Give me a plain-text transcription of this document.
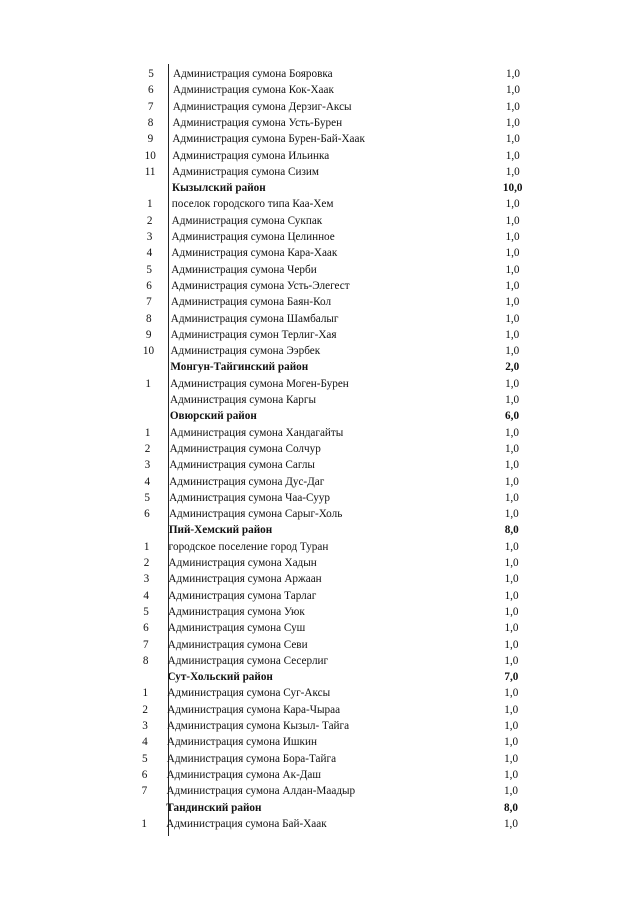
5	Администрация сумона Бояровка	1,0
6	Администрация сумона Кок-Хаак	1,0
7	Администрация сумона Дерзиг-Аксы	1,0
8	Администрация сумона Усть-Бурен	1,0
9	Администрация сумона Бурен-Бай-Хаак	1,0
10	Администрация сумона Ильинка	1,0
11	Администрация сумона Сизим	1,0
Кызылский район	10,0
1	поселок городского типа Каа-Хем	1,0
2	Администрация сумона Сукпак	1,0
3	Администрация сумона Целинное	1,0
4	Администрация сумона Кара-Хаак	1,0
5	Администрация сумона Черби	1,0
6	Администрация сумона Усть-Элегест	1,0
7	Администрация сумона Баян-Кол	1,0
8	Администрация сумона Шамбалыг	1,0
9	Администрация сумон Терлиг-Хая	1,0
10	Администрация сумона Ээрбек	1,0
Монгун-Тайгинский район	2,0
1	Администрация сумона Моген-Бурен	1,0
Администрация сумона Каргы	1,0
Овюрский район	6,0
1	Администрация сумона Хандагайты	1,0
2	Администрация сумона Солчур	1,0
3	Администрация сумона Саглы	1,0
4	Администрация сумона Дус-Даг	1,0
5	Администрация сумона Чаа-Суур	1,0
6	Администрация сумона Сарыг-Холь	1,0
Пий-Хемский район	8,0
1	городское поселение город Туран	1,0
2	Администрация сумона Хадын	1,0
3	Администрация сумона Аржаан	1,0
4	Администрация сумона Тарлаг	1,0
5	Администрация сумона Уюк	1,0
6	Администрация сумона Суш	1,0
7	Администрация сумона Севи	1,0
8	Администрация сумона Сесерлиг	1,0
Сут-Хольский район	7,0
1	Администрация сумона Суг-Аксы	1,0
2	Администрация сумона Кара-Чыраа	1,0
3	Администрация сумона Кызыл- Тайга	1,0
4	Администрация сумона Ишкин	1,0
5	Администрация сумона Бора-Тайга	1,0
6	Администрация сумона Ак-Даш	1,0
7	Администрация сумона Алдан-Маадыр	1,0
Тандинский район	8,0
1	Администрация сумона Бай-Хаак	1,0
